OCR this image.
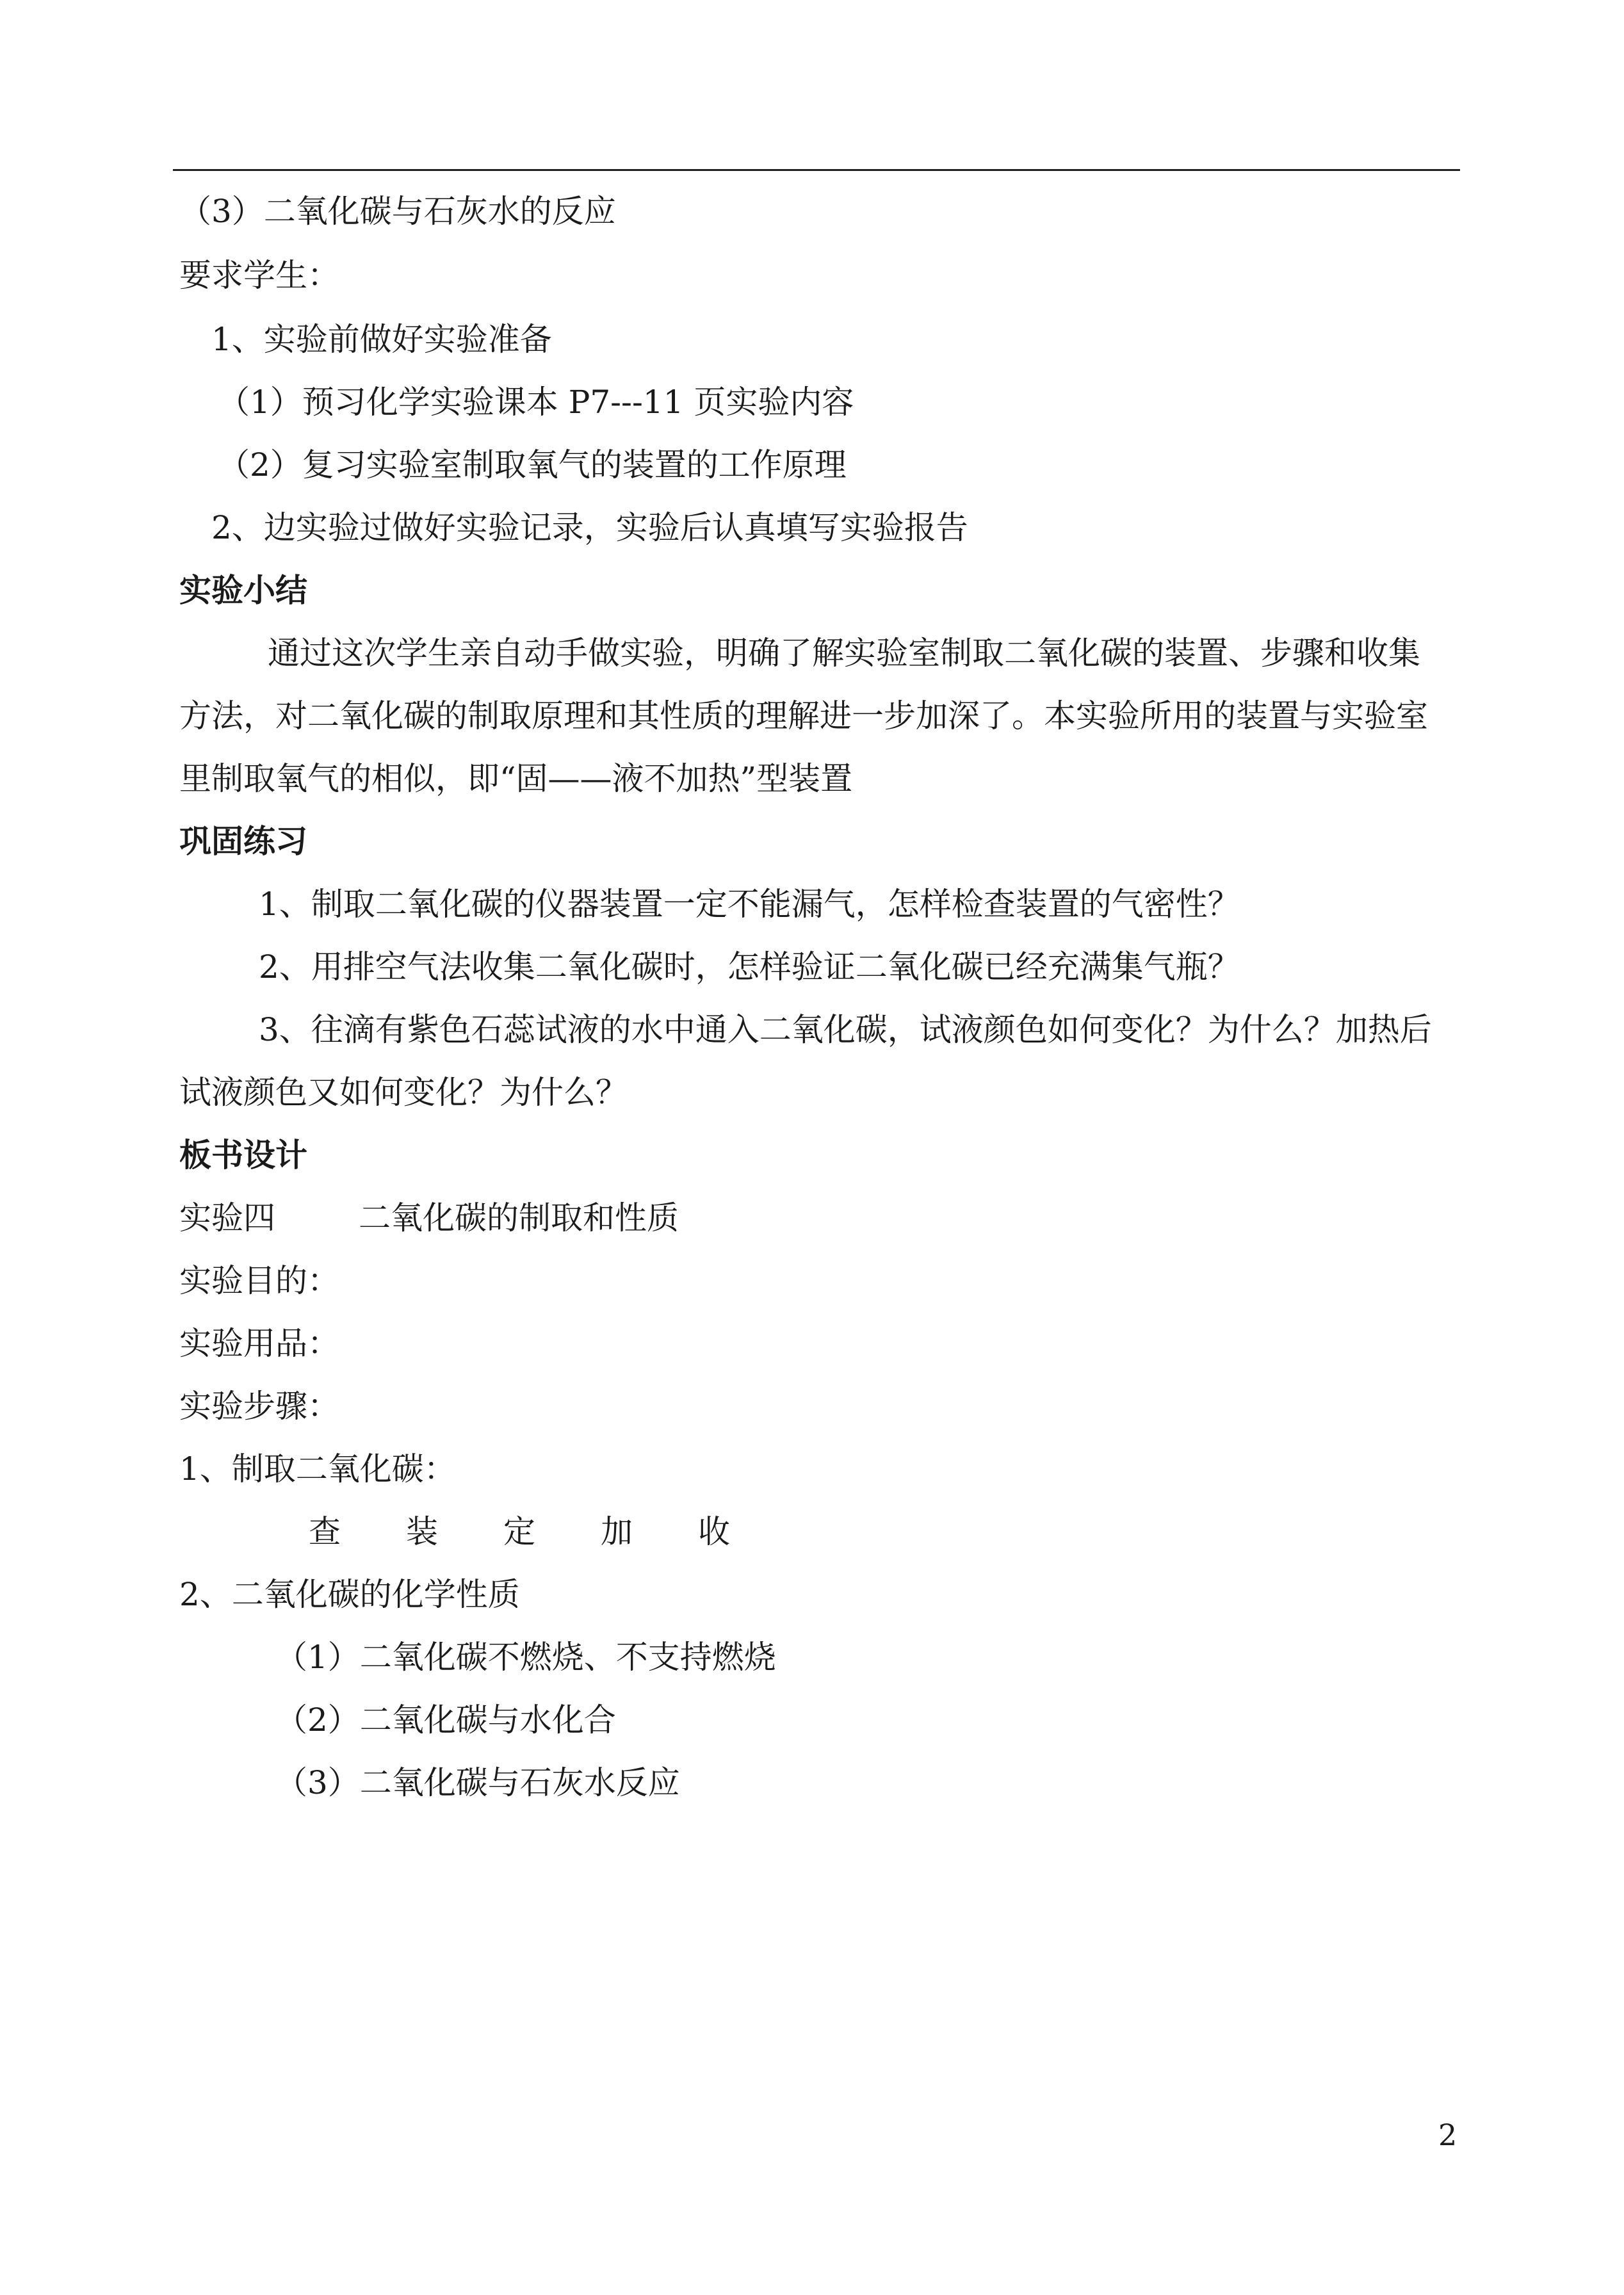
（3）二氧化碳与石灰水的反应
要求学生：
1、实验前做好实验准备
（1）预习化学实验课本 P7---11 页实验内容
（2）复习实验室制取氧气的装置的工作原理
2、边实验过做好实验记录，实验后认真填写实验报告
实验小结
通过这次学生亲自动手做实验，明确了解实验室制取二氧化碳的装置、步骤和收集
方法，对二氧化碳的制取原理和其性质的理解进一步加深了。本实验所用的装置与实验室
里制取氧气的相似，即“固——液不加热”型装置
巩固练习
1、制取二氧化碳的仪器装置一定不能漏气，怎样检查装置的气密性？
2、用排空气法收集二氧化碳时，怎样验证二氧化碳已经充满集气瓶？
3、往滴有紫色石蕊试液的水中通入二氧化碳，试液颜色如何变化？为什么？加热后
试液颜色又如何变化？为什么？
板书设计
实验四	二氧化碳的制取和性质
实验目的：
实验用品：
实验步骤：
1、制取二氧化碳：
查 装 定 加 收
2、二氧化碳的化学性质
（1）二氧化碳不燃烧、不支持燃烧
（2）二氧化碳与水化合
（3）二氧化碳与石灰水反应
2
